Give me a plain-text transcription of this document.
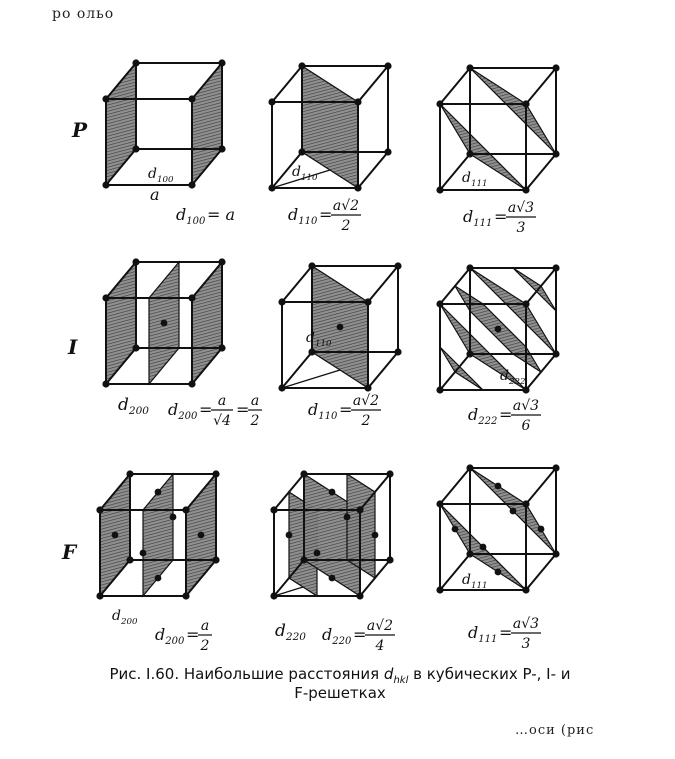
ро ольо
P
I
F
a
$d_{100}$
$d_{100} = a$
$d_{110}$
$d_{110} = a√2$
2
$d_{111}$
$d_{111} = a√3$
3
$d_{200}$ $d_{200}$ = =
a
√4
a
2
$d_{110}$
$d_{110} = a√2$
2
$d_{222}$
$d_{222} = a√3$
6
$d_{200}$
$d_{200} = a$
2
$d_{220}$ $d_{220} = a√2$
4
$d_{111}$
$d_{111} = a√3$
3
Рис. I.60. Наибольшие расстояния $d_{hkl}$ в кубических P-, I- и
F-решетках
…оси (рис
